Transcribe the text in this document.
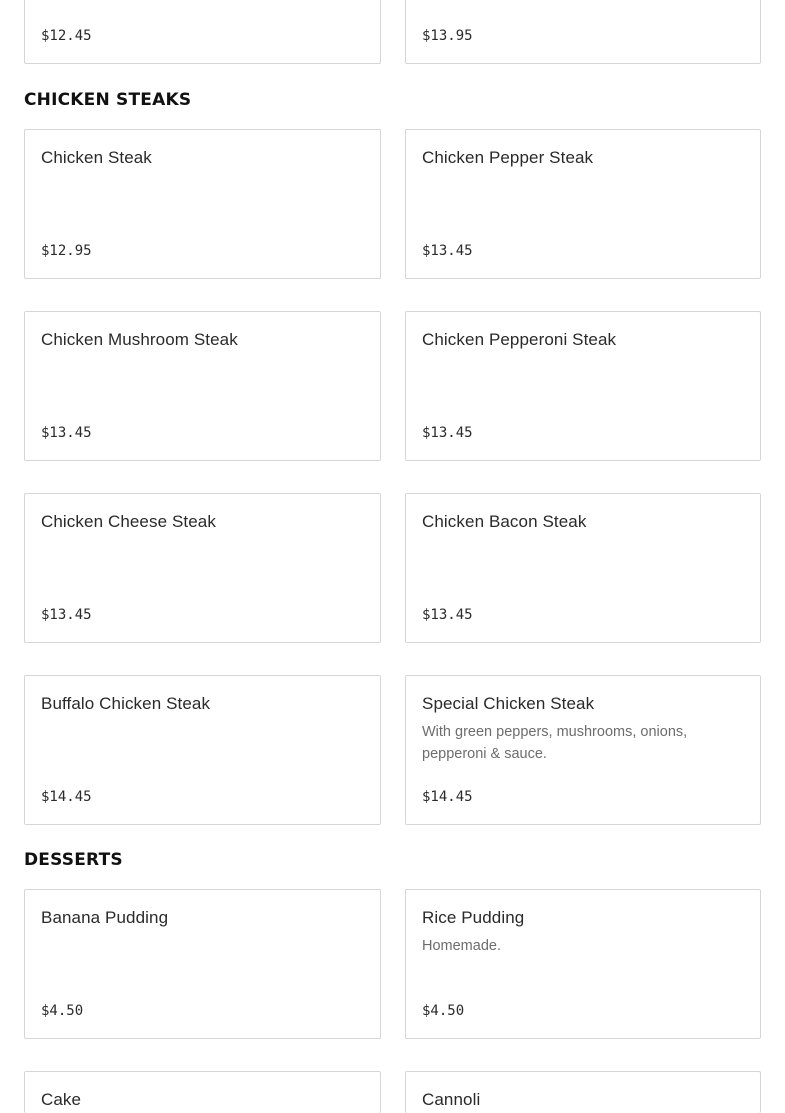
$12.45	$13.95
CHICKEN STEAKS
Chicken Steak
$12.95
Chicken Pepper Steak
$13.45
Chicken Mushroom Steak
$13.45
Chicken Pepperoni Steak
$13.45
Chicken Cheese Steak
$13.45
Chicken Bacon Steak
$13.45
Buffalo Chicken Steak
$14.45
Special Chicken Steak
With green peppers, mushrooms, onions, pepperoni & sauce.
$14.45
DESSERTS
Banana Pudding
$4.50
Rice Pudding
Homemade.
$4.50
Cake	Cannoli
